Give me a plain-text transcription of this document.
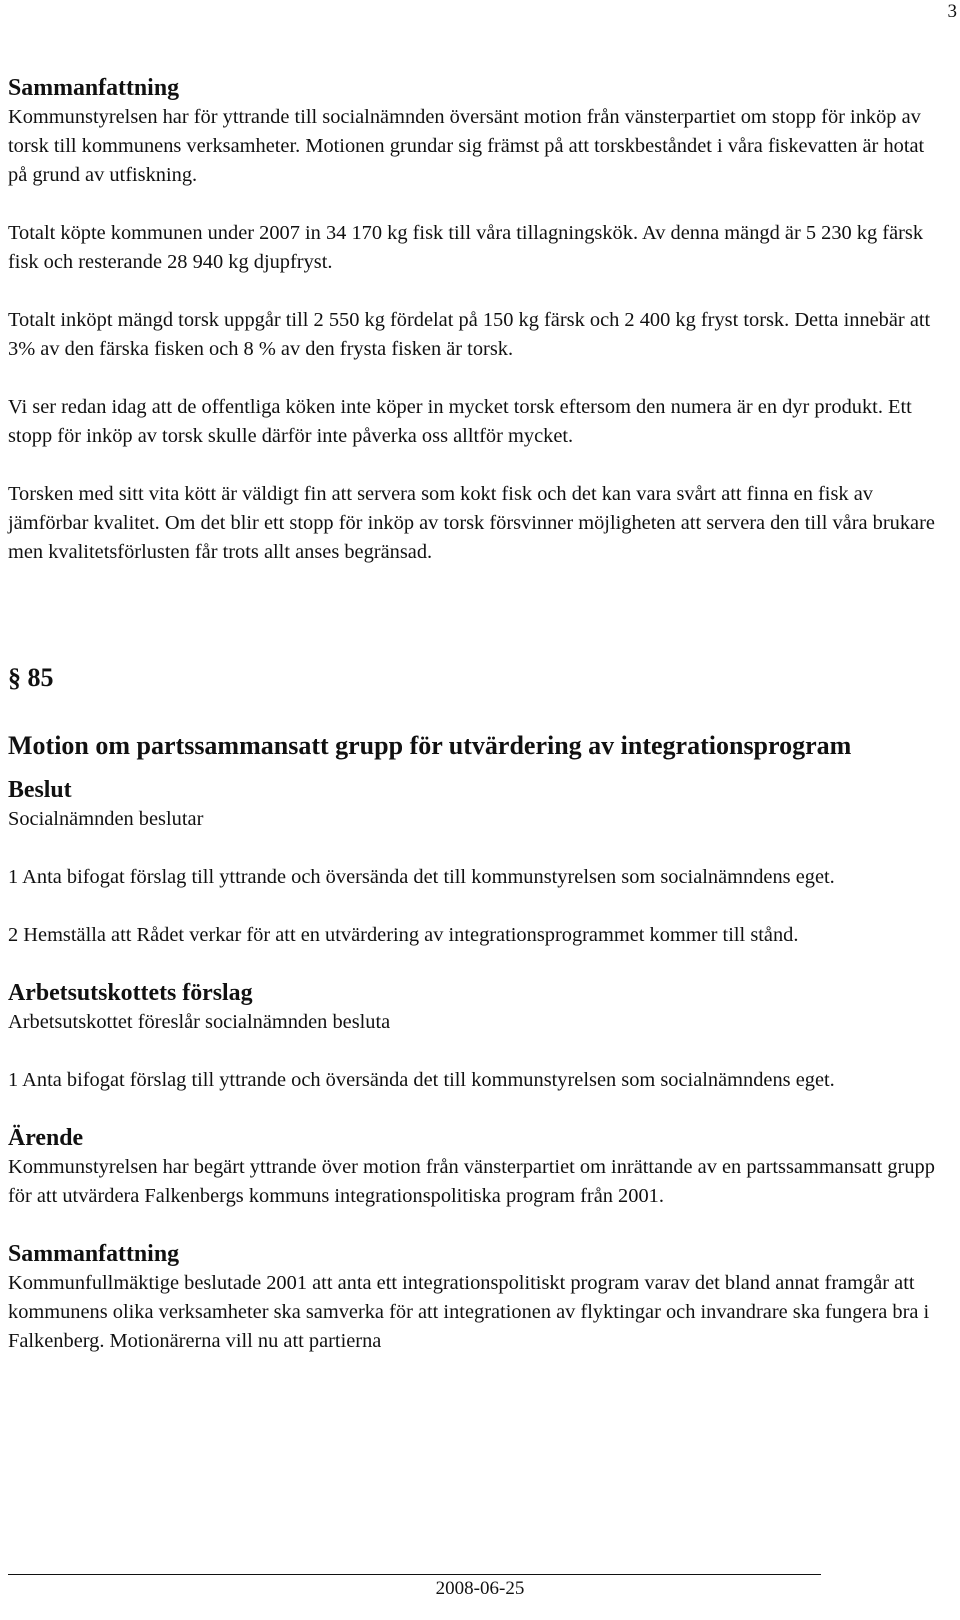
3
Sammanfattning

Kommunstyrelsen har för yttrande till socialnämnden översänt motion från vänsterpartiet om stopp för inköp av torsk till kommunens verksamheter. Motionen grundar sig främst på att torskbeståndet i våra fiskevatten är hotat på grund av utfiskning.

Totalt köpte kommunen under 2007 in 34 170 kg fisk till våra tillagningskök. Av denna mängd är 5 230 kg färsk fisk och resterande 28 940 kg djupfryst.

Totalt inköpt mängd torsk uppgår till 2 550 kg fördelat på 150 kg färsk och 2 400 kg fryst torsk. Detta innebär att 3% av den färska fisken och 8 % av den frysta fisken är torsk.

Vi ser redan idag att de offentliga köken inte köper in mycket torsk eftersom den numera är en dyr produkt. Ett stopp för inköp av torsk skulle därför inte påverka oss alltför mycket.

Torsken med sitt vita kött är väldigt fin att servera som kokt fisk och det kan vara svårt att finna en fisk av jämförbar kvalitet. Om det blir ett stopp för inköp av torsk försvinner möjligheten att servera den till våra brukare men kvalitetsförlusten får trots allt anses begränsad.

§ 85
Motion om partssammansatt grupp för utvärdering av integrationsprogram
Beslut

Socialnämnden beslutar

1 Anta bifogat förslag till yttrande och översända det till kommunstyrelsen som socialnämndens eget.

2 Hemställa att Rådet verkar för att en utvärdering av integrationsprogrammet kommer till stånd.

Arbetsutskottets förslag

Arbetsutskottet föreslår socialnämnden besluta

1 Anta bifogat förslag till yttrande och översända det till kommunstyrelsen som socialnämndens eget.

Ärende

Kommunstyrelsen har begärt yttrande över motion från vänsterpartiet om inrättande av en partssammansatt grupp för att utvärdera Falkenbergs kommuns integrationspolitiska program från 2001.

Sammanfattning

Kommunfullmäktige beslutade 2001 att anta ett integrationspolitiskt program varav det bland annat framgår att kommunens olika verksamheter ska samverka för att integrationen av flyktingar och invandrare ska fungera bra i Falkenberg. Motionärerna vill nu att partierna

2008-06-25
